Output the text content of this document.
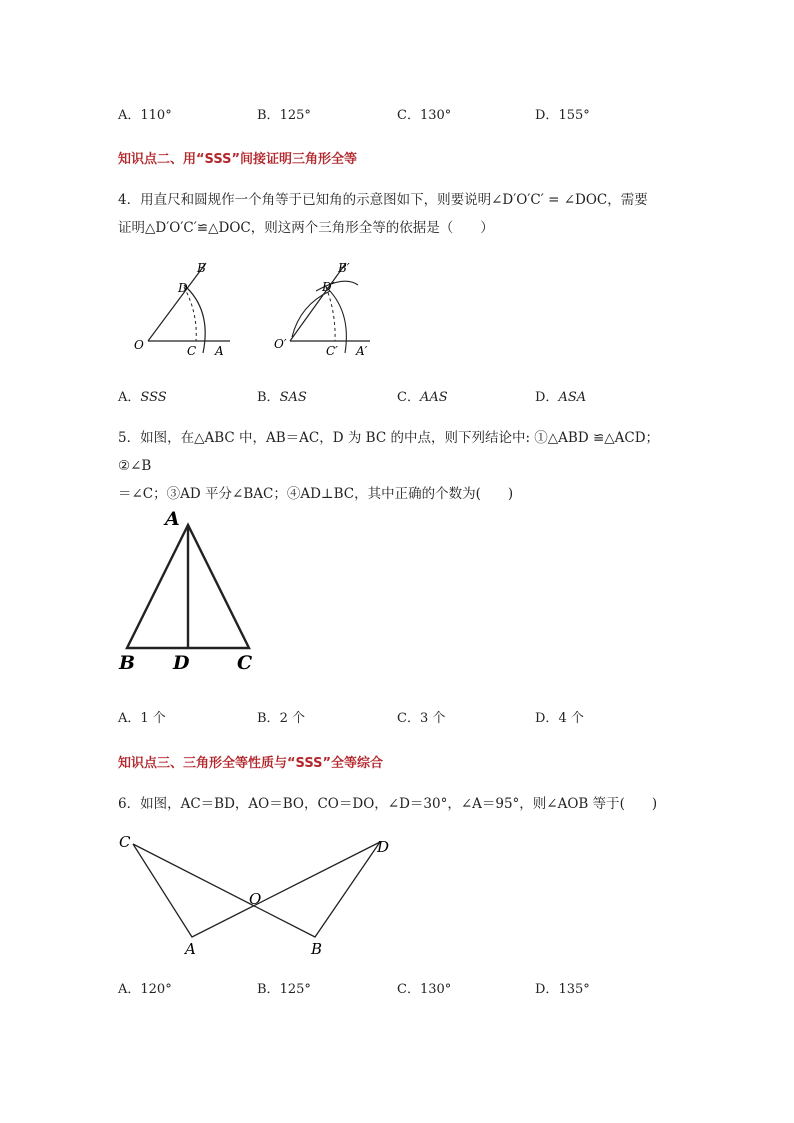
A．110°	B．125°	C．130°	D．155°
知识点二、用“SSS”间接证明三角形全等
4．用直尺和圆规作一个角等于已知角的示意图如下，则要说明∠D′O′C′ = ∠DOC，需要
证明△D′O′C′≌△DOC，则这两个三角形全等的依据是（　　）
B
D
O	C A
B′
D′
O′	C′ A′
A．SSS	B．SAS	C．AAS	D．ASA
5．如图，在△ABC 中，AB＝AC，D 为 BC 的中点，则下列结论中: ①△ABD ≌△ACD；②∠B
＝∠C；③AD 平分∠BAC；④AD⊥BC，其中正确的个数为(　　)
A
B D	C
A．1 个	B．2 个	C．3 个	D．4 个
知识点三、三角形全等性质与“SSS”全等综合
6．如图，AC＝BD，AO＝BO，CO＝DO，∠D＝30°，∠A＝95°，则∠AOB 等于(　　)
C	D
O
A	B
A．120°	B．125°	C．130°	D．135°
